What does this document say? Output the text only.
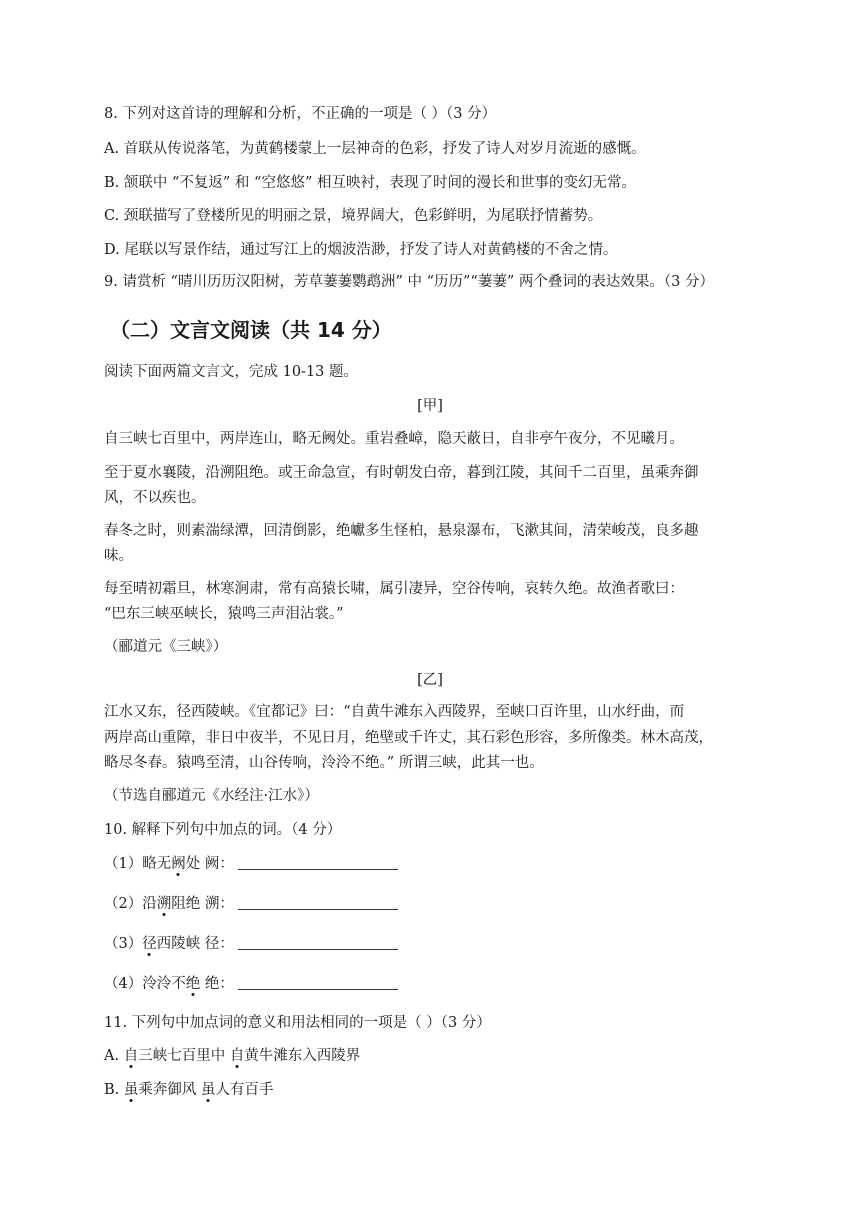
8. 下列对这首诗的理解和分析，不正确的一项是（ ）（3 分）
A. 首联从传说落笔，为黄鹤楼蒙上一层神奇的色彩，抒发了诗人对岁月流逝的感慨。
B. 颔联中 “不复返” 和 “空悠悠” 相互映衬，表现了时间的漫长和世事的变幻无常。
C. 颈联描写了登楼所见的明丽之景，境界阔大，色彩鲜明，为尾联抒情蓄势。
D. 尾联以写景作结，通过写江上的烟波浩渺，抒发了诗人对黄鹤楼的不舍之情。
9. 请赏析 “晴川历历汉阳树，芳草萋萋鹦鹉洲” 中 “历历”“萋萋” 两个叠词的表达效果。（3 分）
（二）文言文阅读（共 14 分）
阅读下面两篇文言文，完成 10-13 题。
[甲]
自三峡七百里中，两岸连山，略无阙处。重岩叠嶂，隐天蔽日，自非亭午夜分，不见曦月。
至于夏水襄陵，沿溯阻绝。或王命急宣，有时朝发白帝，暮到江陵，其间千二百里，虽乘奔御
风，不以疾也。
春冬之时，则素湍绿潭，回清倒影，绝巘多生怪柏，悬泉瀑布，飞漱其间，清荣峻茂，良多趣
味。
每至晴初霜旦，林寒涧肃，常有高猿长啸，属引凄异，空谷传响，哀转久绝。故渔者歌曰：
“巴东三峡巫峡长，猿鸣三声泪沾裳。”
（郦道元《三峡》）
[乙]
江水又东，径西陵峡。《宜都记》曰：“自黄牛滩东入西陵界，至峡口百许里，山水纡曲，而
两岸高山重障，非日中夜半，不见日月，绝壁或千许丈，其石彩色形容，多所像类。林木高茂，
略尽冬春。猿鸣至清，山谷传响，泠泠不绝。” 所谓三峡，此其一也。
（节选自郦道元《水经注·江水》）
10. 解释下列句中加点的词。（4 分）
（1）略无阙处 阙：
（2）沿溯阻绝 溯：
（3）径西陵峡 径：
（4）泠泠不绝 绝：
11. 下列句中加点词的意义和用法相同的一项是（ ）（3 分）
A. 自三峡七百里中 自黄牛滩东入西陵界
B. 虽乘奔御风 虽人有百手
